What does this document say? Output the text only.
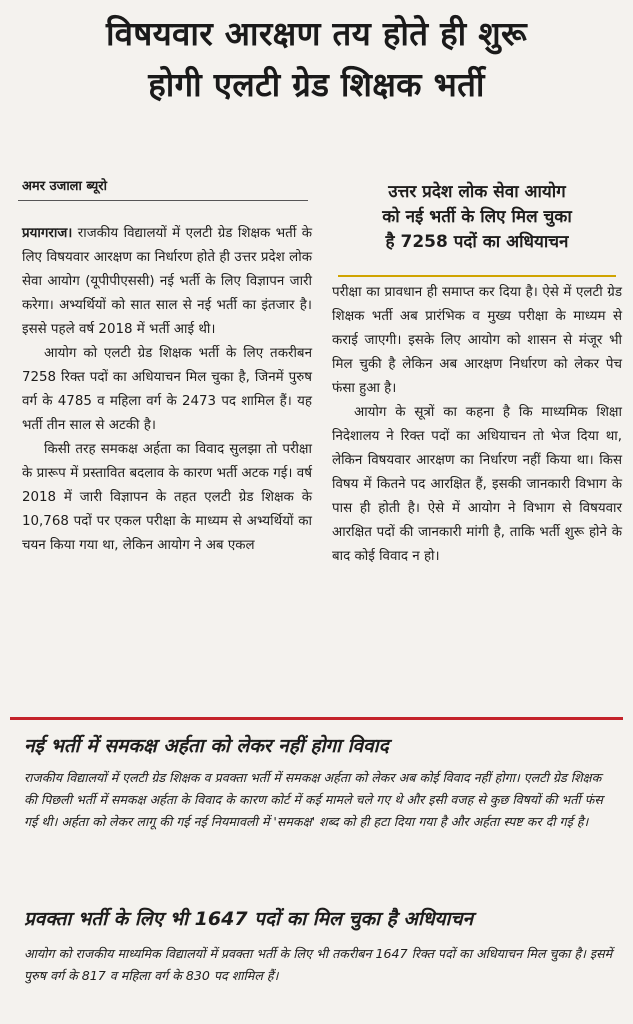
विषयवार आरक्षण तय होते ही शुरू
होगी एलटी ग्रेड शिक्षक भर्ती
अमर उजाला ब्यूरो	उत्तर प्रदेश लोक सेवा आयोग
को नई भर्ती के लिए मिल चुका
है 7258 पदों का अधियाचन

प्रयागराज। राजकीय विद्यालयों में एलटी ग्रेड शिक्षक भर्ती के लिए विषयवार आरक्षण का निर्धारण होते ही उत्तर प्रदेश लोक सेवा आयोग (यूपीपीएससी) नई भर्ती के लिए विज्ञापन जारी करेगा। अभ्यर्थियों को सात साल से नई भर्ती का इंतजार है। इससे पहले वर्ष 2018 में भर्ती आई थी।

आयोग को एलटी ग्रेड शिक्षक भर्ती के लिए तकरीबन 7258 रिक्त पदों का अधियाचन मिल चुका है, जिनमें पुरुष वर्ग के 4785 व महिला वर्ग के 2473 पद शामिल हैं। यह भर्ती तीन साल से अटकी है।

किसी तरह समकक्ष अर्हता का विवाद सुलझा तो परीक्षा के प्रारूप में प्रस्तावित बदलाव के कारण भर्ती अटक गई। वर्ष 2018 में जारी विज्ञापन के तहत एलटी ग्रेड शिक्षक के 10,768 पदों पर एकल परीक्षा के माध्यम से अभ्यर्थियों का चयन किया गया था, लेकिन आयोग ने अब एकल

परीक्षा का प्रावधान ही समाप्त कर दिया है। ऐसे में एलटी ग्रेड शिक्षक भर्ती अब प्रारंभिक व मुख्य परीक्षा के माध्यम से कराई जाएगी। इसके लिए आयोग को शासन से मंजूर भी मिल चुकी है लेकिन अब आरक्षण निर्धारण को लेकर पेच फंसा हुआ है।

आयोग के सूत्रों का कहना है कि माध्यमिक शिक्षा निदेशालय ने रिक्त पदों का अधियाचन तो भेज दिया था, लेकिन विषयवार आरक्षण का निर्धारण नहीं किया था। किस विषय में कितने पद आरक्षित हैं, इसकी जानकारी विभाग के पास ही होती है। ऐसे में आयोग ने विभाग से विषयवार आरक्षित पदों की जानकारी मांगी है, ताकि भर्ती शुरू होने के बाद कोई विवाद न हो।

नई भर्ती में समकक्ष अर्हता को लेकर नहीं होगा विवाद
राजकीय विद्यालयों में एलटी ग्रेड शिक्षक व प्रवक्ता भर्ती में समकक्ष अर्हता को लेकर अब कोई विवाद नहीं होगा। एलटी ग्रेड शिक्षक की पिछली भर्ती में समकक्ष अर्हता के विवाद के कारण कोर्ट में कई मामले चले गए थे और इसी वजह से कुछ विषयों की भर्ती फंस गई थी। अर्हता को लेकर लागू की गई नई नियमावली में 'समकक्ष' शब्द को ही हटा दिया गया है और अर्हता स्पष्ट कर दी गई है।
प्रवक्ता भर्ती के लिए भी 1647 पदों का मिल चुका है अधियाचन
आयोग को राजकीय माध्यमिक विद्यालयों में प्रवक्ता भर्ती के लिए भी तकरीबन 1647 रिक्त पदों का अधियाचन मिल चुका है। इसमें पुरुष वर्ग के 817 व महिला वर्ग के 830 पद शामिल हैं।
